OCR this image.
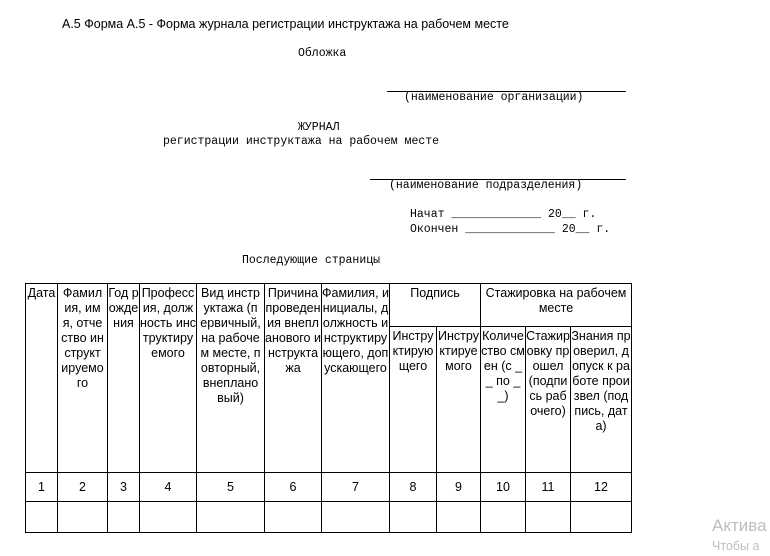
А.5 Форма А.5 - Форма журнала регистрации инструктажа на рабочем месте
Обложка
(наименование организации)
ЖУРНАЛ
регистрации инструктажа на рабочем месте
(наименование подразделения)
Начат _____________ 20__ г.
Окончен _____________ 20__ г.
Последующие страницы
Дата	Фамилия, имя, отчество инструктируемого	Год рождения	Профессия, должность инструктируемого	Вид инструктажа (первичный, на рабочем месте, повторный, внеплановый)	Причина проведения внепланового инструктажа	Фамилия, инициалы, должность инструктирующего, допускающего	Подпись		Стажировка на рабочем месте		
							Инструктирующего	Инструктируемого	Количество смен (с __ по __)	Стажировку прошел (подпись рабочего)	Знания проверил, допуск к работе произвел (подпись, дата)
1	2	3	4	5	6	7	8	9	10	11	12

Актива
Чтобы а
